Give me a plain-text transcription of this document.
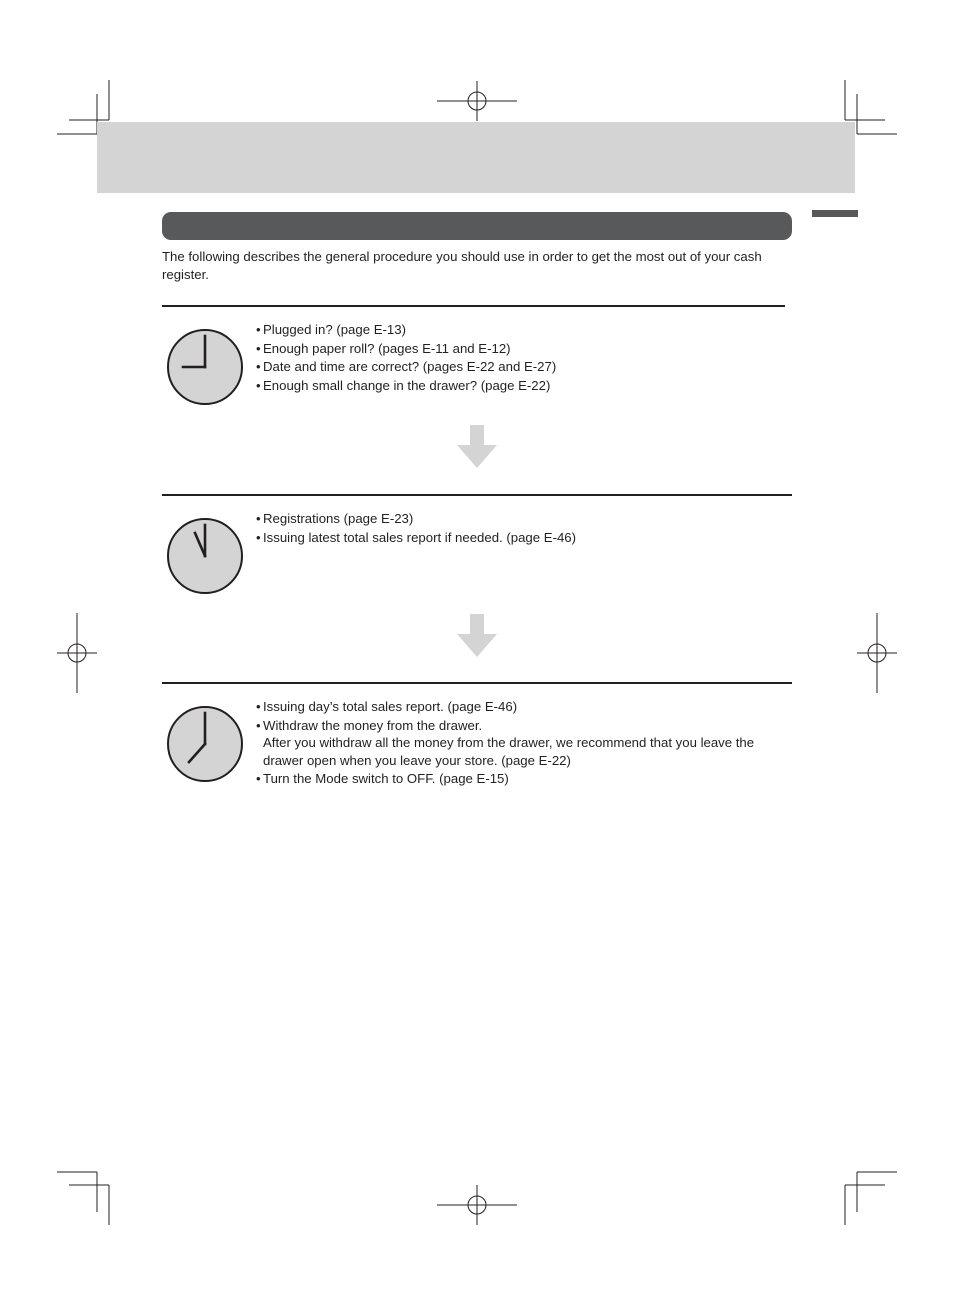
The following describes the general procedure you should use in order to get the most out of your cash register.

• Plugged in? (page E-13)
• Enough paper roll? (pages E-11 and E-12)
• Date and time are correct? (pages E-22 and E-27)
• Enough small change in the drawer? (page E-22)
• Registrations (page E-23)
• Issuing latest total sales report if needed. (page E-46)
• Issuing day’s total sales report. (page E-46)
• Withdraw the money from the drawer.
After you withdraw all the money from the drawer, we recommend that you leave the
drawer open when you leave your store. (page E-22)
• Turn the Mode switch to OFF. (page E-15)
